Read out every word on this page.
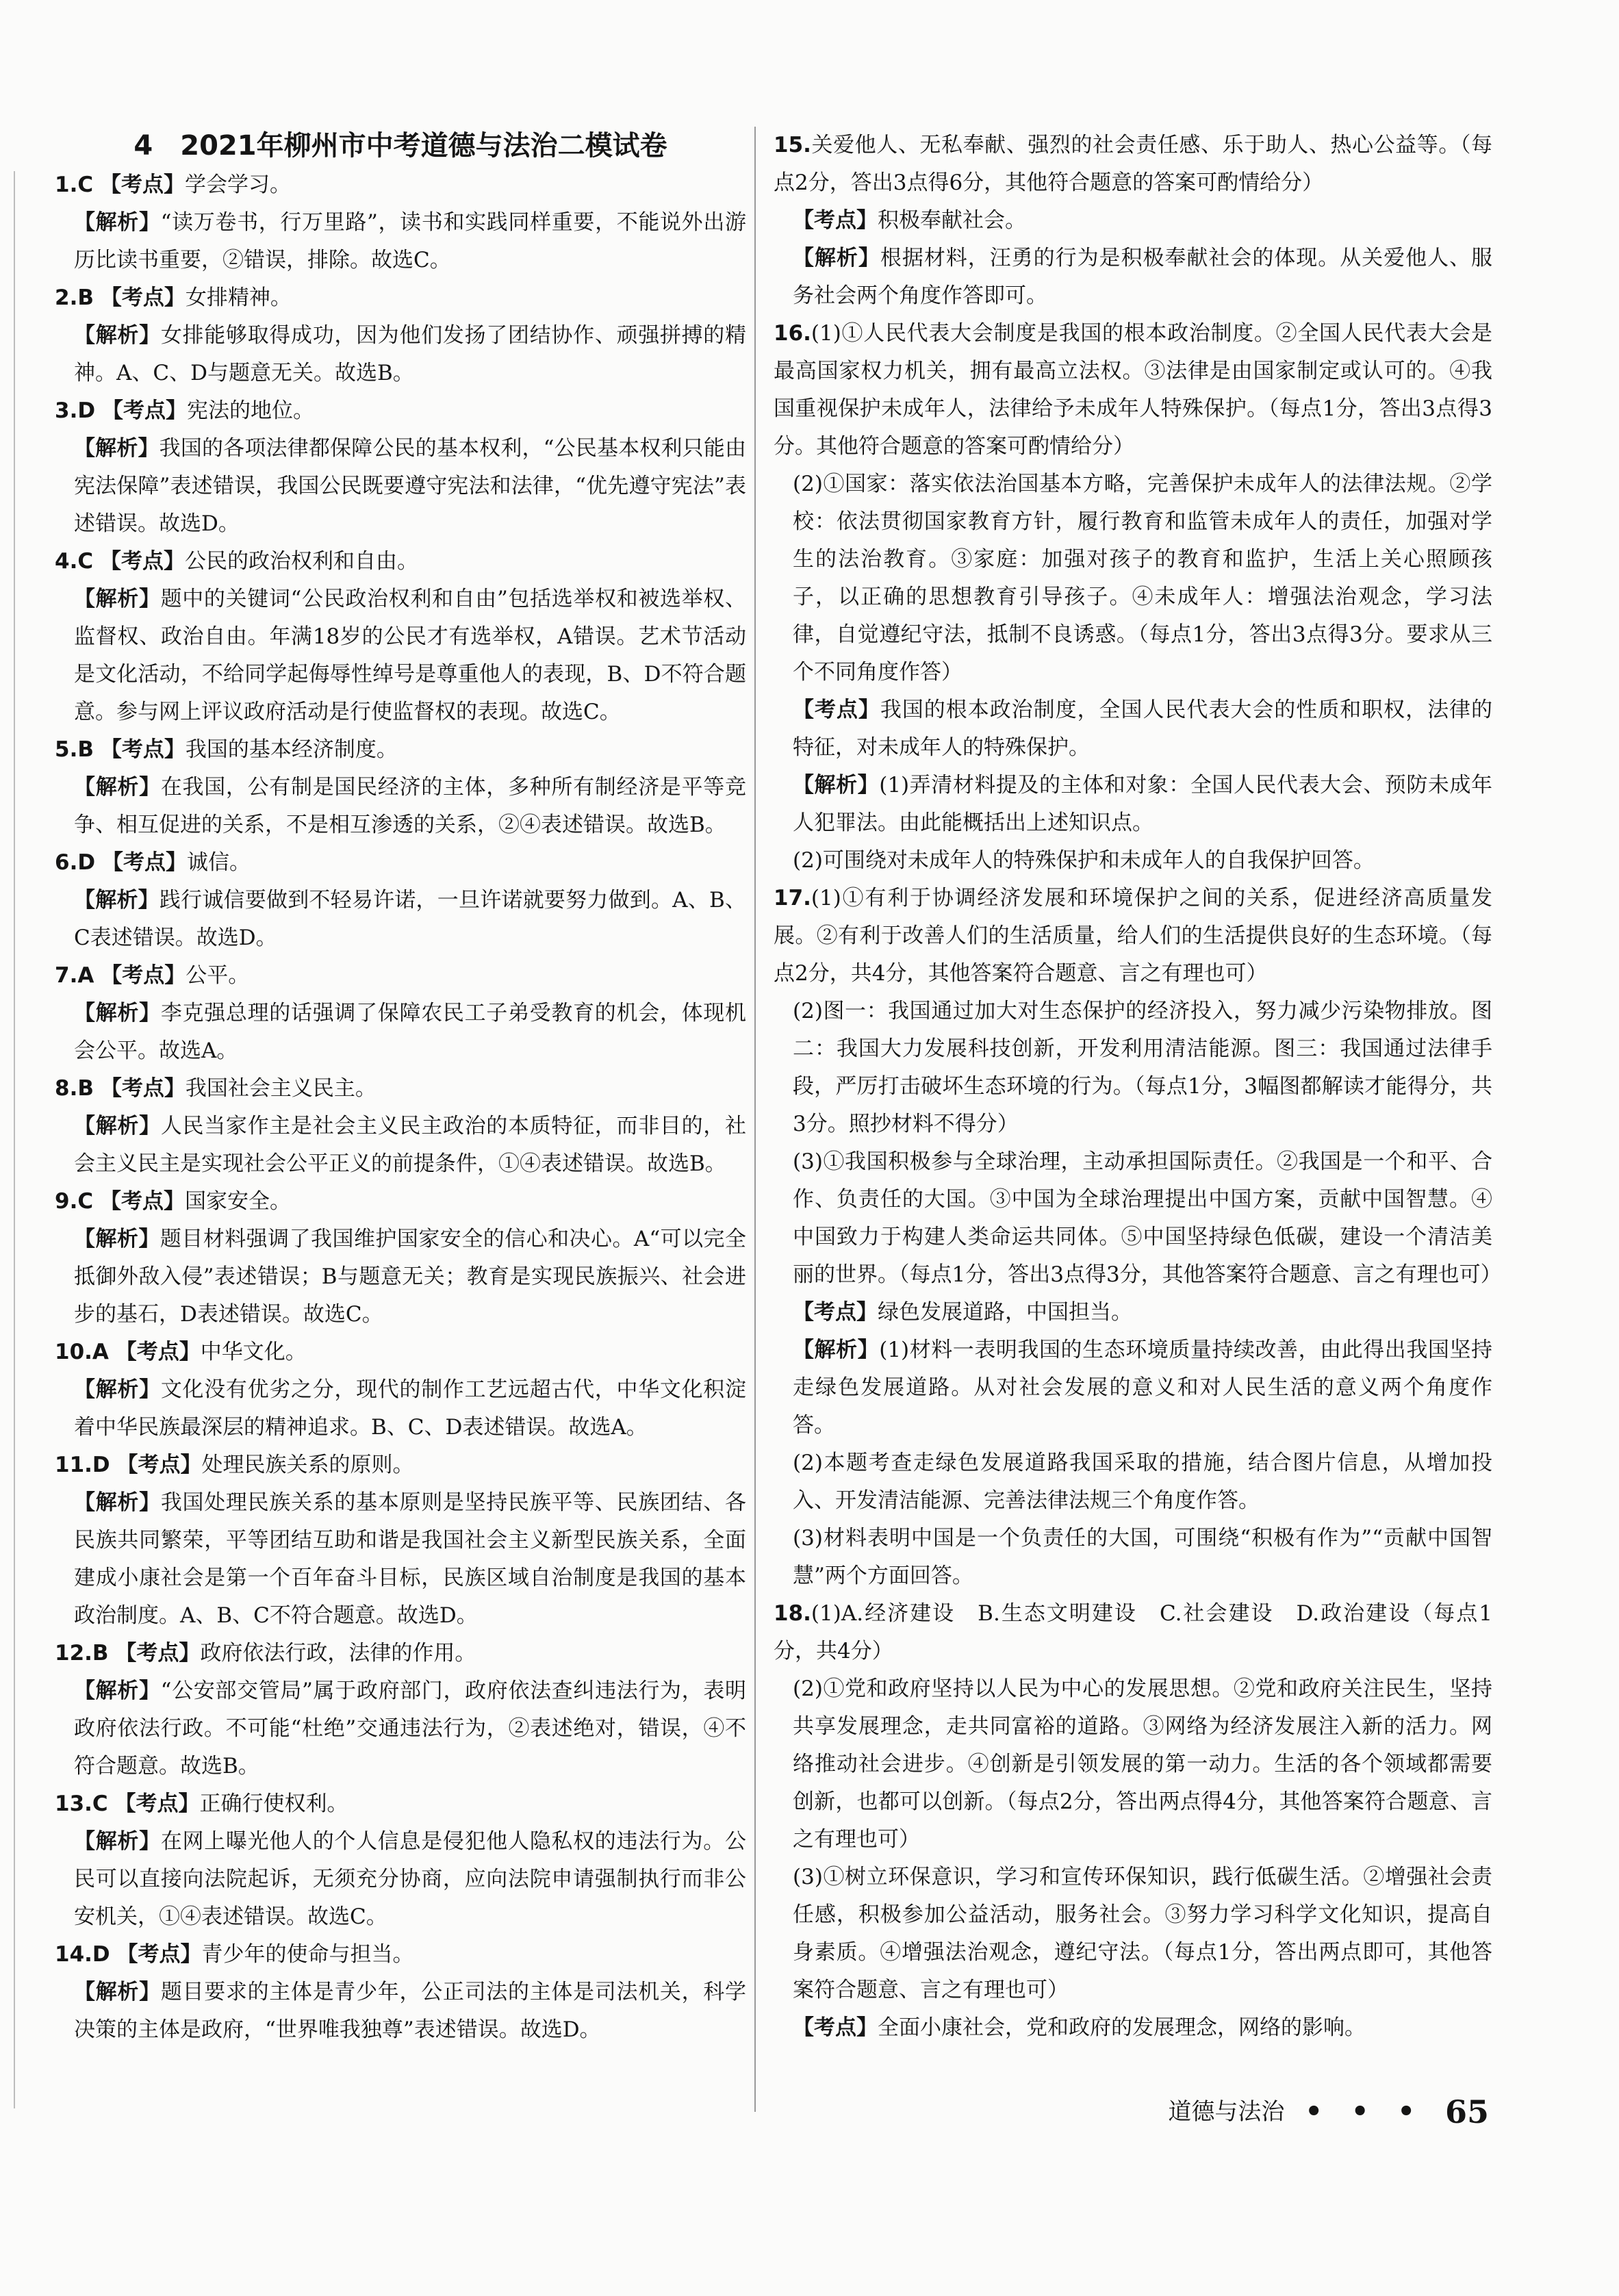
4　2021年柳州市中考道德与法治二模试卷
1.C 【考点】学会学习。
【解析】“读万卷书，行万里路”，读书和实践同样重要，不能说外出游历比读书重要，②错误，排除。故选C。
2.B 【考点】女排精神。
【解析】女排能够取得成功，因为他们发扬了团结协作、顽强拼搏的精神。A、C、D与题意无关。故选B。
3.D 【考点】宪法的地位。
【解析】我国的各项法律都保障公民的基本权利，“公民基本权利只能由宪法保障”表述错误，我国公民既要遵守宪法和法律，“优先遵守宪法”表述错误。故选D。
4.C 【考点】公民的政治权利和自由。
【解析】题中的关键词“公民政治权利和自由”包括选举权和被选举权、监督权、政治自由。年满18岁的公民才有选举权，A错误。艺术节活动是文化活动，不给同学起侮辱性绰号是尊重他人的表现，B、D不符合题意。参与网上评议政府活动是行使监督权的表现。故选C。
5.B 【考点】我国的基本经济制度。
【解析】在我国，公有制是国民经济的主体，多种所有制经济是平等竞争、相互促进的关系，不是相互渗透的关系，②④表述错误。故选B。
6.D 【考点】诚信。
【解析】践行诚信要做到不轻易许诺，一旦许诺就要努力做到。A、B、C表述错误。故选D。
7.A 【考点】公平。
【解析】李克强总理的话强调了保障农民工子弟受教育的机会，体现机会公平。故选A。
8.B 【考点】我国社会主义民主。
【解析】人民当家作主是社会主义民主政治的本质特征，而非目的，社会主义民主是实现社会公平正义的前提条件，①④表述错误。故选B。
9.C 【考点】国家安全。
【解析】题目材料强调了我国维护国家安全的信心和决心。A“可以完全抵御外敌入侵”表述错误；B与题意无关；教育是实现民族振兴、社会进步的基石，D表述错误。故选C。
10.A 【考点】中华文化。
【解析】文化没有优劣之分，现代的制作工艺远超古代，中华文化积淀着中华民族最深层的精神追求。B、C、D表述错误。故选A。
11.D 【考点】处理民族关系的原则。
【解析】我国处理民族关系的基本原则是坚持民族平等、民族团结、各民族共同繁荣，平等团结互助和谐是我国社会主义新型民族关系，全面建成小康社会是第一个百年奋斗目标，民族区域自治制度是我国的基本政治制度。A、B、C不符合题意。故选D。
12.B 【考点】政府依法行政，法律的作用。
【解析】“公安部交管局”属于政府部门，政府依法查纠违法行为，表明政府依法行政。不可能“杜绝”交通违法行为，②表述绝对，错误，④不符合题意。故选B。
13.C 【考点】正确行使权利。
【解析】在网上曝光他人的个人信息是侵犯他人隐私权的违法行为。公民可以直接向法院起诉，无须充分协商，应向法院申请强制执行而非公安机关，①④表述错误。故选C。
14.D 【考点】青少年的使命与担当。
【解析】题目要求的主体是青少年，公正司法的主体是司法机关，科学决策的主体是政府，“世界唯我独尊”表述错误。故选D。
15.关爱他人、无私奉献、强烈的社会责任感、乐于助人、热心公益等。（每点2分，答出3点得6分，其他符合题意的答案可酌情给分）
【考点】积极奉献社会。
【解析】根据材料，汪勇的行为是积极奉献社会的体现。从关爱他人、服务社会两个角度作答即可。
16.(1)①人民代表大会制度是我国的根本政治制度。②全国人民代表大会是最高国家权力机关，拥有最高立法权。③法律是由国家制定或认可的。④我国重视保护未成年人，法律给予未成年人特殊保护。（每点1分，答出3点得3分。其他符合题意的答案可酌情给分）
(2)①国家：落实依法治国基本方略，完善保护未成年人的法律法规。②学校：依法贯彻国家教育方针，履行教育和监管未成年人的责任，加强对学生的法治教育。③家庭：加强对孩子的教育和监护，生活上关心照顾孩子，以正确的思想教育引导孩子。④未成年人：增强法治观念，学习法律，自觉遵纪守法，抵制不良诱惑。（每点1分，答出3点得3分。要求从三个不同角度作答）
【考点】我国的根本政治制度，全国人民代表大会的性质和职权，法律的特征，对未成年人的特殊保护。
【解析】(1)弄清材料提及的主体和对象：全国人民代表大会、预防未成年人犯罪法。由此能概括出上述知识点。
(2)可围绕对未成年人的特殊保护和未成年人的自我保护回答。
17.(1)①有利于协调经济发展和环境保护之间的关系，促进经济高质量发展。②有利于改善人们的生活质量，给人们的生活提供良好的生态环境。（每点2分，共4分，其他答案符合题意、言之有理也可）
(2)图一：我国通过加大对生态保护的经济投入，努力减少污染物排放。图二：我国大力发展科技创新，开发利用清洁能源。图三：我国通过法律手段，严厉打击破坏生态环境的行为。（每点1分，3幅图都解读才能得分，共3分。照抄材料不得分）
(3)①我国积极参与全球治理，主动承担国际责任。②我国是一个和平、合作、负责任的大国。③中国为全球治理提出中国方案，贡献中国智慧。④中国致力于构建人类命运共同体。⑤中国坚持绿色低碳，建设一个清洁美丽的世界。（每点1分，答出3点得3分，其他答案符合题意、言之有理也可）
【考点】绿色发展道路，中国担当。
【解析】(1)材料一表明我国的生态环境质量持续改善，由此得出我国坚持走绿色发展道路。从对社会发展的意义和对人民生活的意义两个角度作答。
(2)本题考查走绿色发展道路我国采取的措施，结合图片信息，从增加投入、开发清洁能源、完善法律法规三个角度作答。
(3)材料表明中国是一个负责任的大国，可围绕“积极有作为”“贡献中国智慧”两个方面回答。
18.(1)A.经济建设　B.生态文明建设　C.社会建设　D.政治建设（每点1分，共4分）
(2)①党和政府坚持以人民为中心的发展思想。②党和政府关注民生，坚持共享发展理念，走共同富裕的道路。③网络为经济发展注入新的活力。网络推动社会进步。④创新是引领发展的第一动力。生活的各个领域都需要创新，也都可以创新。（每点2分，答出两点得4分，其他答案符合题意、言之有理也可）
(3)①树立环保意识，学习和宣传环保知识，践行低碳生活。②增强社会责任感，积极参加公益活动，服务社会。③努力学习科学文化知识，提高自身素质。④增强法治观念，遵纪守法。（每点1分，答出两点即可，其他答案符合题意、言之有理也可）
【考点】全面小康社会，党和政府的发展理念，网络的影响。
道德与法治 • • • 65
